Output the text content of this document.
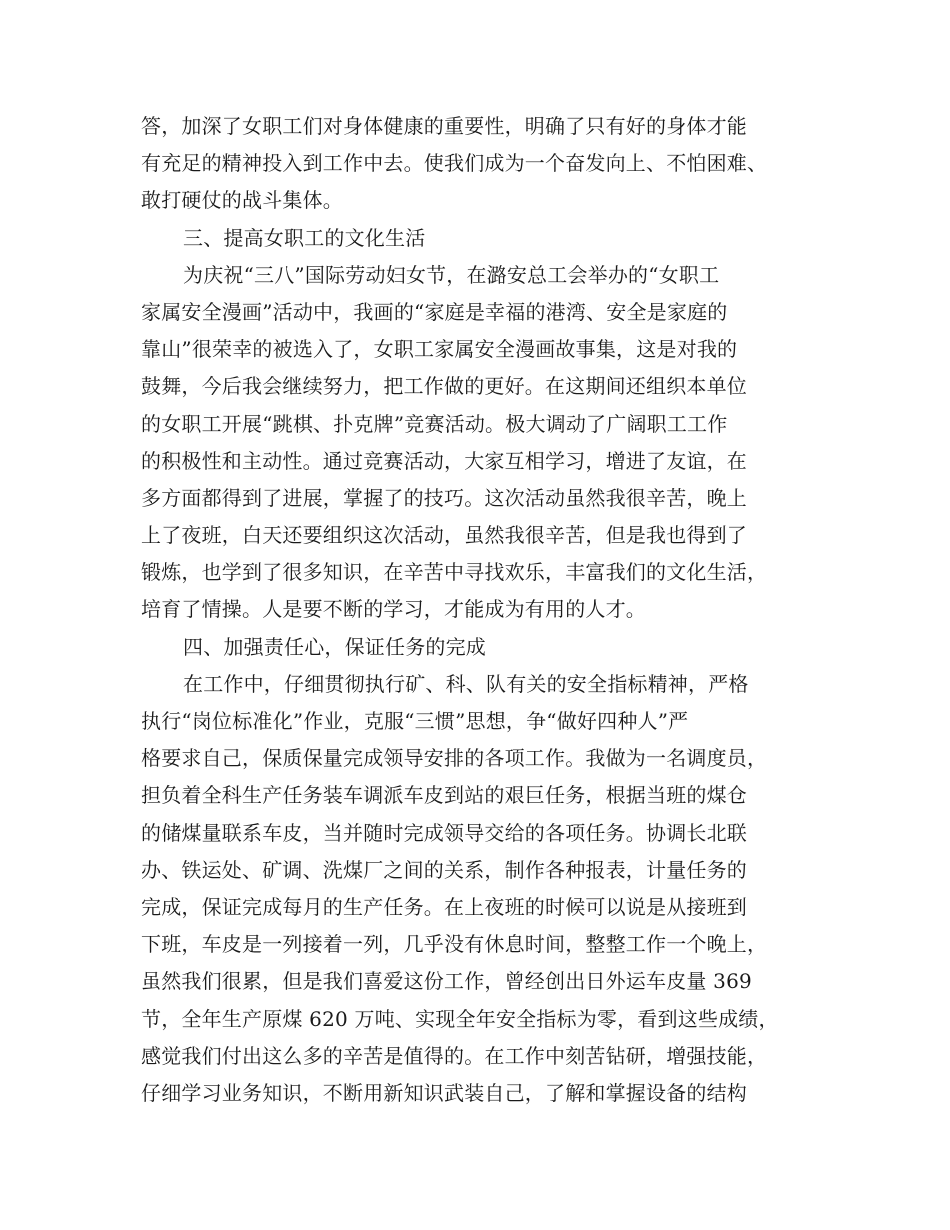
答，加深了女职工们对身体健康的重要性，明确了只有好的身体才能
有充足的精神投入到工作中去。使我们成为一个奋发向上、不怕困难、
敢打硬仗的战斗集体。
三、提高女职工的文化生活
为庆祝“三八”国际劳动妇女节，在潞安总工会举办的“女职工
家属安全漫画”活动中，我画的“家庭是幸福的港湾、安全是家庭的
靠山”很荣幸的被选入了，女职工家属安全漫画故事集，这是对我的
鼓舞，今后我会继续努力，把工作做的更好。在这期间还组织本单位
的女职工开展“跳棋、扑克牌”竞赛活动。极大调动了广阔职工工作
的积极性和主动性。通过竞赛活动，大家互相学习，增进了友谊，在
多方面都得到了进展，掌握了的技巧。这次活动虽然我很辛苦，晚上
上了夜班，白天还要组织这次活动，虽然我很辛苦，但是我也得到了
锻炼，也学到了很多知识，在辛苦中寻找欢乐，丰富我们的文化生活，
培育了情操。人是要不断的学习，才能成为有用的人才。
四、加强责任心，保证任务的完成
在工作中，仔细贯彻执行矿、科、队有关的安全指标精神，严格
执行“岗位标准化”作业，克服“三惯”思想，争“做好四种人”严
格要求自己，保质保量完成领导安排的各项工作。我做为一名调度员，
担负着全科生产任务装车调派车皮到站的艰巨任务，根据当班的煤仓
的储煤量联系车皮，当并随时完成领导交给的各项任务。协调长北联
办、铁运处、矿调、洗煤厂之间的关系，制作各种报表，计量任务的
完成，保证完成每月的生产任务。在上夜班的时候可以说是从接班到
下班，车皮是一列接着一列，几乎没有休息时间，整整工作一个晚上，
虽然我们很累，但是我们喜爱这份工作，曾经创出日外运车皮量 369
节，全年生产原煤 620 万吨、实现全年安全指标为零，看到这些成绩，
感觉我们付出这么多的辛苦是值得的。在工作中刻苦钻研，增强技能，
仔细学习业务知识，不断用新知识武装自己，了解和掌握设备的结构
